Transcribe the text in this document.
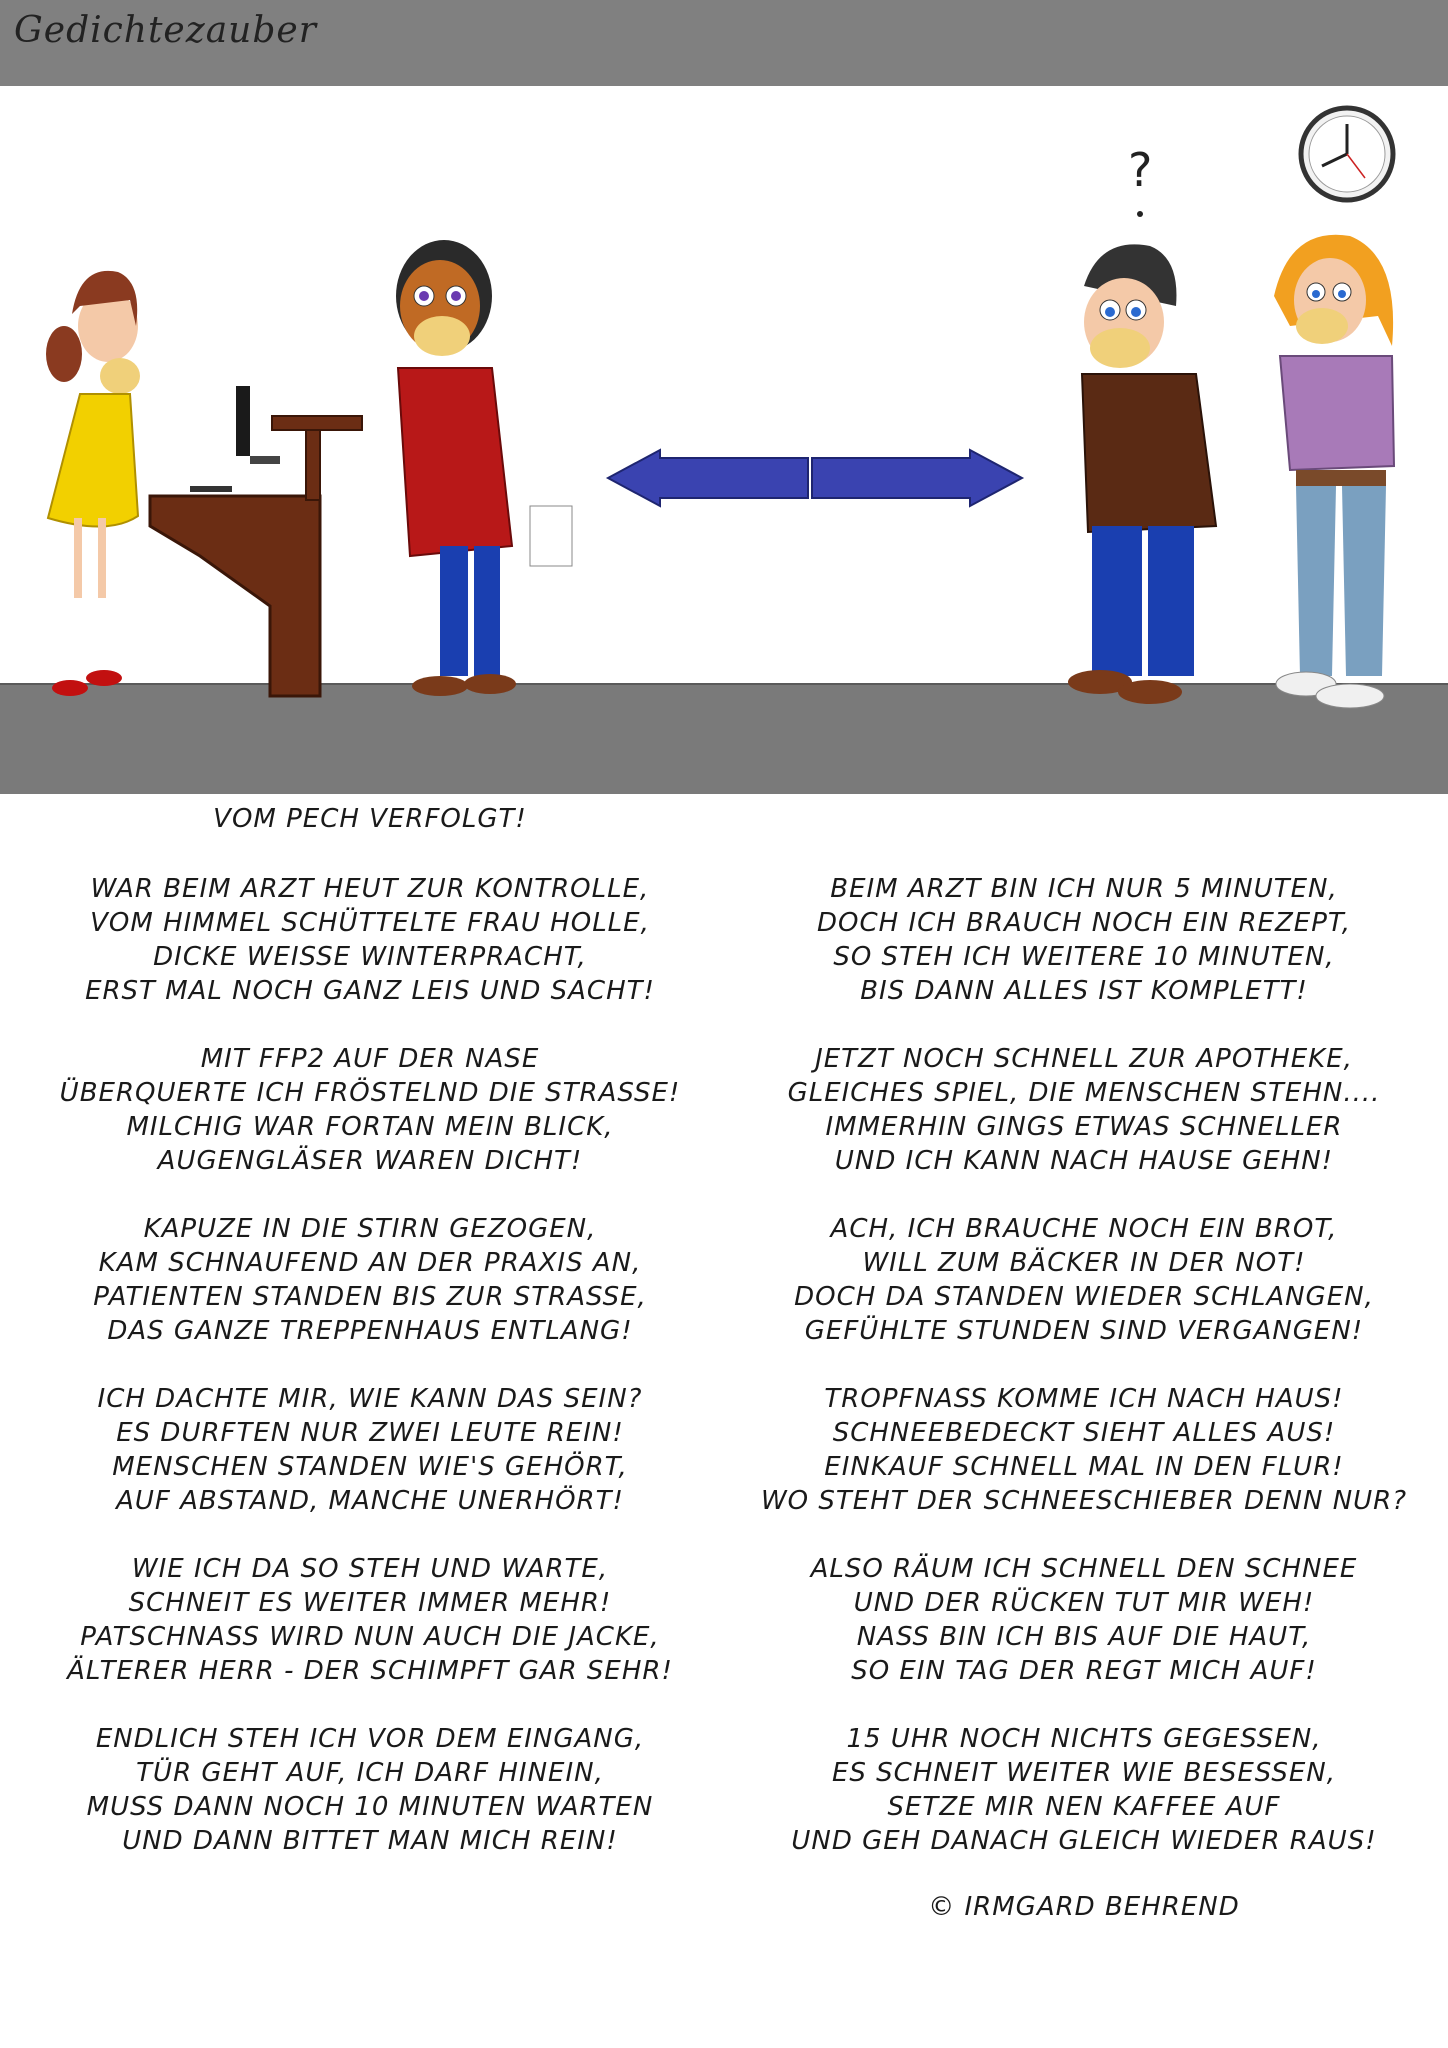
Gedichtezauber
?
VOM PECH VERFOLGT!
WAR BEIM ARZT HEUT ZUR KONTROLLE,
VOM HIMMEL SCHÜTTELTE FRAU HOLLE,
DICKE WEISSE WINTERPRACHT,
ERST MAL NOCH GANZ LEIS UND SACHT!
MIT FFP2 AUF DER NASE
ÜBERQUERTE ICH FRÖSTELND DIE STRASSE!
MILCHIG WAR FORTAN MEIN BLICK,
AUGENGLÄSER WAREN DICHT!
KAPUZE IN DIE STIRN GEZOGEN,
KAM SCHNAUFEND AN DER PRAXIS AN,
PATIENTEN STANDEN BIS ZUR STRASSE,
DAS GANZE TREPPENHAUS ENTLANG!
ICH DACHTE MIR, WIE KANN DAS SEIN?
ES DURFTEN NUR ZWEI LEUTE REIN!
MENSCHEN STANDEN WIE'S GEHÖRT,
AUF ABSTAND, MANCHE UNERHÖRT!
WIE ICH DA SO STEH UND WARTE,
SCHNEIT ES WEITER IMMER MEHR!
PATSCHNASS WIRD NUN AUCH DIE JACKE,
ÄLTERER HERR - DER SCHIMPFT GAR SEHR!
ENDLICH STEH ICH VOR DEM EINGANG,
TÜR GEHT AUF, ICH DARF HINEIN,
MUSS DANN NOCH 10 MINUTEN WARTEN
UND DANN BITTET MAN MICH REIN!
BEIM ARZT BIN ICH NUR 5 MINUTEN,
DOCH ICH BRAUCH NOCH EIN REZEPT,
SO STEH ICH WEITERE 10 MINUTEN,
BIS DANN ALLES IST KOMPLETT!
JETZT NOCH SCHNELL ZUR APOTHEKE,
GLEICHES SPIEL, DIE MENSCHEN STEHN....
IMMERHIN GINGS ETWAS SCHNELLER
UND ICH KANN NACH HAUSE GEHN!
ACH, ICH BRAUCHE NOCH EIN BROT,
WILL ZUM BÄCKER IN DER NOT!
DOCH DA STANDEN WIEDER SCHLANGEN,
GEFÜHLTE STUNDEN SIND VERGANGEN!
TROPFNASS KOMME ICH NACH HAUS!
SCHNEEBEDECKT SIEHT ALLES AUS!
EINKAUF SCHNELL MAL IN DEN FLUR!
WO STEHT DER SCHNEESCHIEBER DENN NUR?
ALSO RÄUM ICH SCHNELL DEN SCHNEE
UND DER RÜCKEN TUT MIR WEH!
NASS BIN ICH BIS AUF DIE HAUT,
SO EIN TAG DER REGT MICH AUF!
15 UHR NOCH NICHTS GEGESSEN,
ES SCHNEIT WEITER WIE BESESSEN,
SETZE MIR NEN KAFFEE AUF
UND GEH DANACH GLEICH WIEDER RAUS!
© IRMGARD BEHREND
